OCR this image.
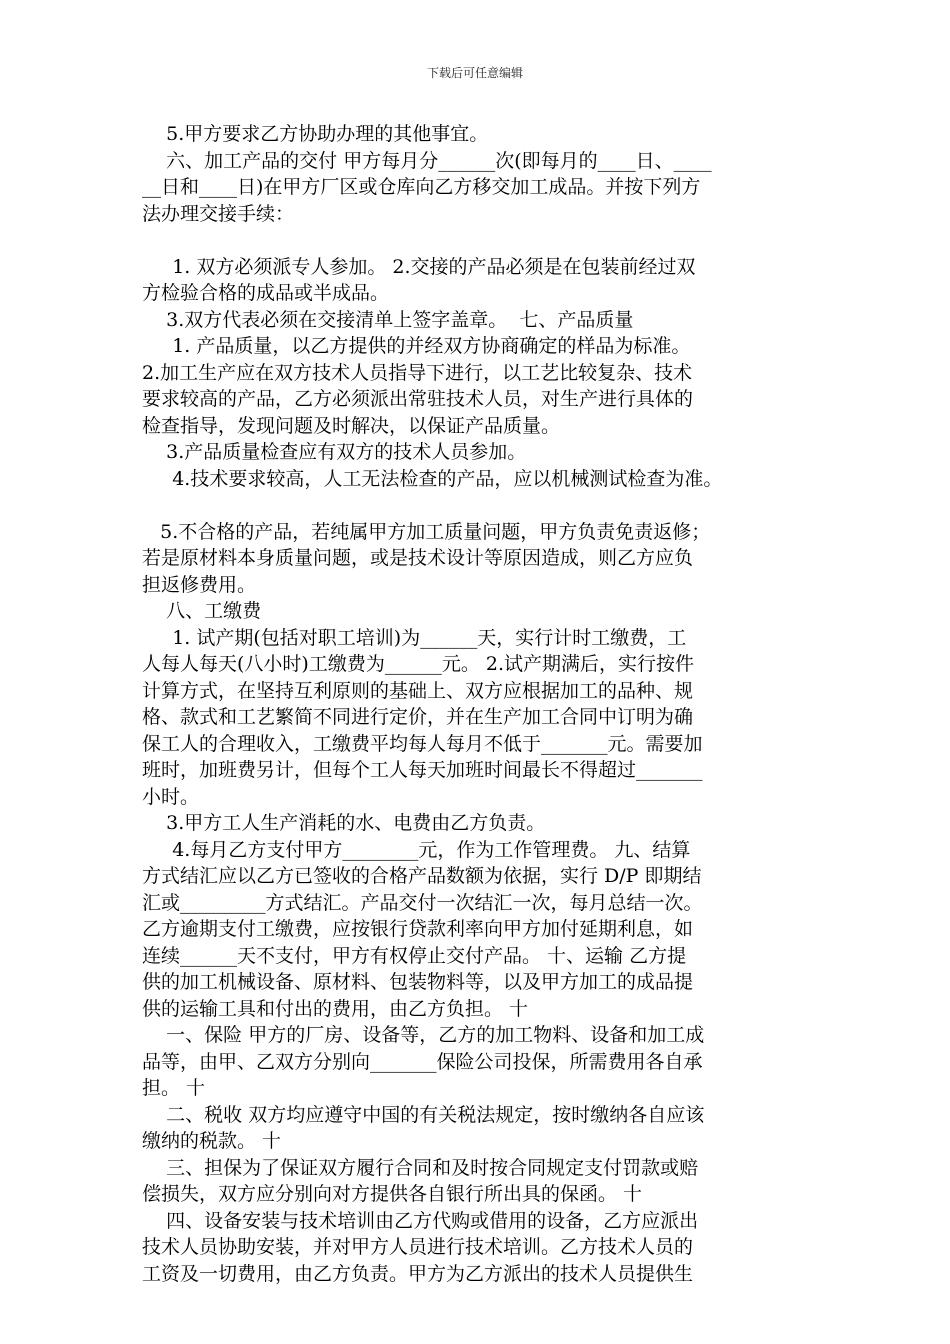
下载后可任意编辑
5.甲方要求乙方协助办理的其他事宜。
六、加工产品的交付 甲方每月分______次(即每月的____日、____
__日和____日)在甲方厂区或仓库向乙方移交加工成品。并按下列方
法办理交接手续：
1. 双方必须派专人参加。 2.交接的产品必须是在包装前经过双
方检验合格的成品或半成品。
3.双方代表必须在交接清单上签字盖章。  七、产品质量
1. 产品质量，以乙方提供的并经双方协商确定的样品为标准。
2.加工生产应在双方技术人员指导下进行，以工艺比较复杂、技术
要求较高的产品，乙方必须派出常驻技术人员，对生产进行具体的
检查指导，发现问题及时解决，以保证产品质量。
3.产品质量检查应有双方的技术人员参加。
4.技术要求较高，人工无法检查的产品，应以机械测试检查为准。
5.不合格的产品，若纯属甲方加工质量问题，甲方负责免责返修；
若是原材料本身质量问题，或是技术设计等原因造成，则乙方应负
担返修费用。
八、工缴费
1. 试产期(包括对职工培训)为______天，实行计时工缴费，工
人每人每天(八小时)工缴费为______元。 2.试产期满后，实行按件
计算方式，在坚持互利原则的基础上、双方应根据加工的品种、规
格、款式和工艺繁简不同进行定价，并在生产加工合同中订明为确
保工人的合理收入，工缴费平均每人每月不低于_______元。需要加
班时，加班费另计，但每个工人每天加班时间最长不得超过_______
小时。
3.甲方工人生产消耗的水、电费由乙方负责。
4.每月乙方支付甲方________元，作为工作管理费。 九、结算
方式结汇应以乙方已签收的合格产品数额为依据，实行 D/P 即期结
汇或_________方式结汇。产品交付一次结汇一次，每月总结一次。
乙方逾期支付工缴费，应按银行贷款利率向甲方加付延期利息，如
连续______天不支付，甲方有权停止交付产品。 十、运输 乙方提
供的加工机械设备、原材料、包装物料等，以及甲方加工的成品提
供的运输工具和付出的费用，由乙方负担。 十
一、保险 甲方的厂房、设备等，乙方的加工物料、设备和加工成
品等，由甲、乙双方分别向_______保险公司投保，所需费用各自承
担。 十
二、税收 双方均应遵守中国的有关税法规定，按时缴纳各自应该
缴纳的税款。 十
三、担保为了保证双方履行合同和及时按合同规定支付罚款或赔
偿损失，双方应分别向对方提供各自银行所出具的保函。 十
四、设备安装与技术培训由乙方代购或借用的设备，乙方应派出
技术人员协助安装，并对甲方人员进行技术培训。乙方技术人员的
工资及一切费用，由乙方负责。甲方为乙方派出的技术人员提供生
